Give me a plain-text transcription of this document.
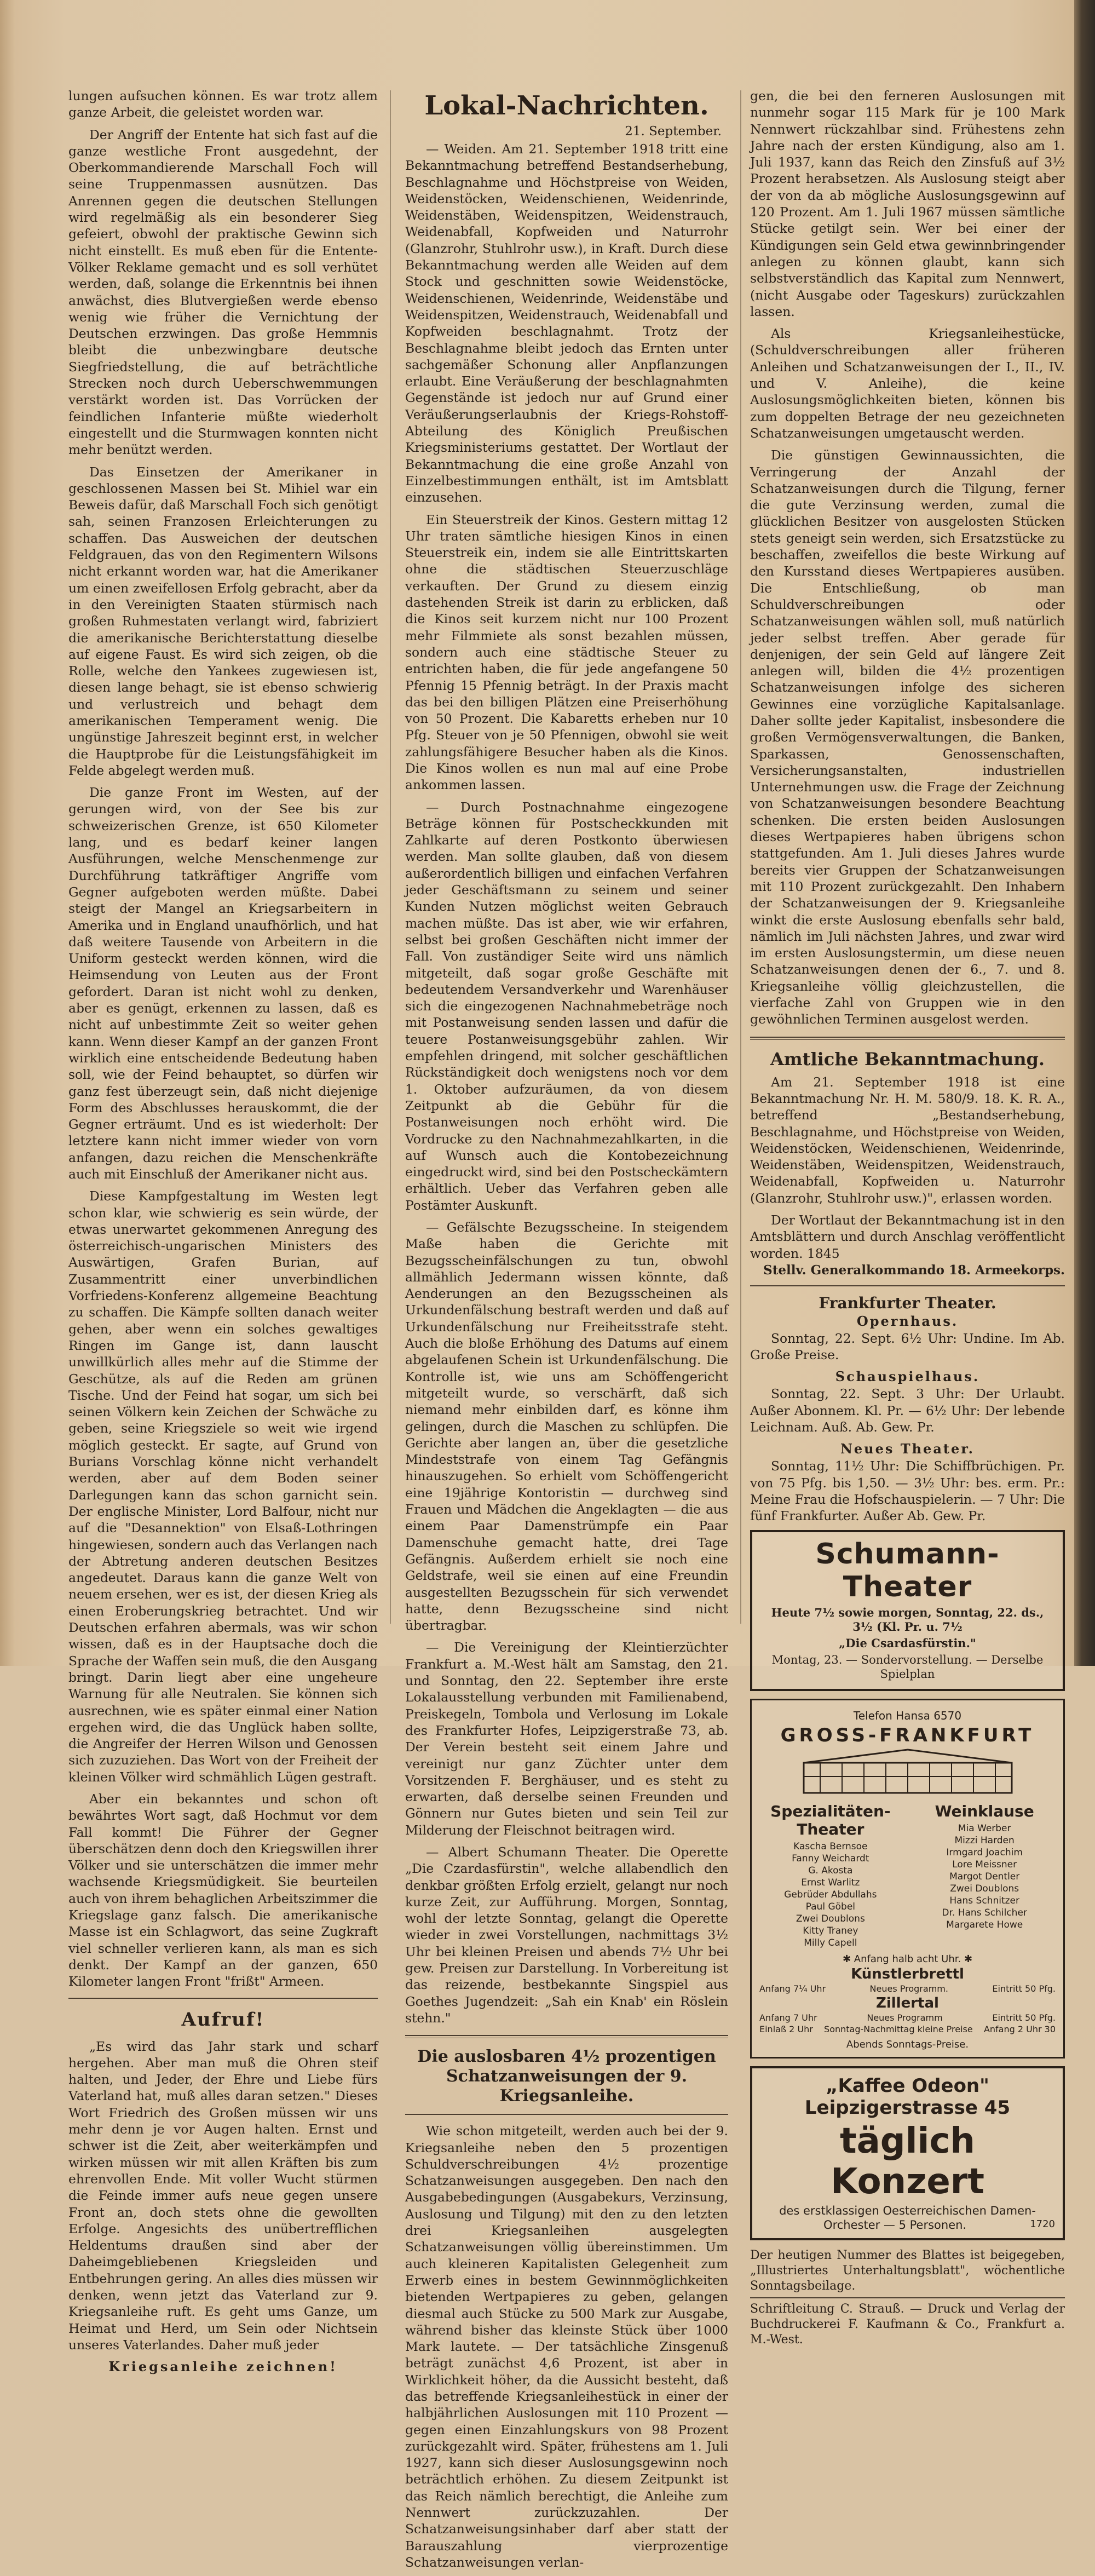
lungen aufsuchen können. Es war trotz allem ganze Arbeit, die geleistet worden war.

Der Angriff der Entente hat sich fast auf die ganze westliche Front ausgedehnt, der Oberkommandierende Marschall Foch will seine Truppenmassen ausnützen. Das Anrennen gegen die deutschen Stellungen wird regelmäßig als ein besonderer Sieg gefeiert, obwohl der praktische Gewinn sich nicht einstellt. Es muß eben für die Entente-Völker Reklame gemacht und es soll verhütet werden, daß, solange die Erkenntnis bei ihnen anwächst, dies Blutvergießen werde ebenso wenig wie früher die Vernichtung der Deutschen erzwingen. Das große Hemmnis bleibt die unbezwingbare deutsche Siegfriedstellung, die auf beträchtliche Strecken noch durch Ueberschwemmungen verstärkt worden ist. Das Vorrücken der feindlichen Infanterie müßte wiederholt eingestellt und die Sturmwagen konnten nicht mehr benützt werden.

Das Einsetzen der Amerikaner in geschlossenen Massen bei St. Mihiel war ein Beweis dafür, daß Marschall Foch sich genötigt sah, seinen Franzosen Erleichterungen zu schaffen. Das Ausweichen der deutschen Feldgrauen, das von den Regimentern Wilsons nicht erkannt worden war, hat die Amerikaner um einen zweifellosen Erfolg gebracht, aber da in den Vereinigten Staaten stürmisch nach großen Ruhmestaten verlangt wird, fabriziert die amerikanische Berichterstattung dieselbe auf eigene Faust. Es wird sich zeigen, ob die Rolle, welche den Yankees zugewiesen ist, diesen lange behagt, sie ist ebenso schwierig und verlustreich und behagt dem amerikanischen Temperament wenig. Die ungünstige Jahreszeit beginnt erst, in welcher die Hauptprobe für die Leistungsfähigkeit im Felde abgelegt werden muß.

Die ganze Front im Westen, auf der gerungen wird, von der See bis zur schweizerischen Grenze, ist 650 Kilometer lang, und es bedarf keiner langen Ausführungen, welche Menschenmenge zur Durchführung tatkräftiger Angriffe vom Gegner aufgeboten werden müßte. Dabei steigt der Mangel an Kriegsarbeitern in Amerika und in England unaufhörlich, und hat daß weitere Tausende von Arbeitern in die Uniform gesteckt werden können, wird die Heimsendung von Leuten aus der Front gefordert. Daran ist nicht wohl zu denken, aber es genügt, erkennen zu lassen, daß es nicht auf unbestimmte Zeit so weiter gehen kann. Wenn dieser Kampf an der ganzen Front wirklich eine entscheidende Bedeutung haben soll, wie der Feind behauptet, so dürfen wir ganz fest überzeugt sein, daß nicht diejenige Form des Abschlusses herauskommt, die der Gegner erträumt. Und es ist wiederholt: Der letztere kann nicht immer wieder von vorn anfangen, dazu reichen die Menschenkräfte auch mit Einschluß der Amerikaner nicht aus.

Diese Kampfgestaltung im Westen legt schon klar, wie schwierig es sein würde, der etwas unerwartet gekommenen Anregung des österreichisch-ungarischen Ministers des Auswärtigen, Grafen Burian, auf Zusammentritt einer unverbindlichen Vorfriedens-Konferenz allgemeine Beachtung zu schaffen. Die Kämpfe sollten danach weiter gehen, aber wenn ein solches gewaltiges Ringen im Gange ist, dann lauscht unwillkürlich alles mehr auf die Stimme der Geschütze, als auf die Reden am grünen Tische. Und der Feind hat sogar, um sich bei seinen Völkern kein Zeichen der Schwäche zu geben, seine Kriegsziele so weit wie irgend möglich gesteckt. Er sagte, auf Grund von Burians Vorschlag könne nicht verhandelt werden, aber auf dem Boden seiner Darlegungen kann das schon garnicht sein. Der englische Minister, Lord Balfour, nicht nur auf die "Desannektion" von Elsaß-Lothringen hingewiesen, sondern auch das Verlangen nach der Abtretung anderen deutschen Besitzes angedeutet. Daraus kann die ganze Welt von neuem ersehen, wer es ist, der diesen Krieg als einen Eroberungskrieg betrachtet. Und wir Deutschen erfahren abermals, was wir schon wissen, daß es in der Hauptsache doch die Sprache der Waffen sein muß, die den Ausgang bringt. Darin liegt aber eine ungeheure Warnung für alle Neutralen. Sie können sich ausrechnen, wie es später einmal einer Nation ergehen wird, die das Unglück haben sollte, die Angreifer der Herren Wilson und Genossen sich zuzuziehen. Das Wort von der Freiheit der kleinen Völker wird schmählich Lügen gestraft.

Aber ein bekanntes und schon oft bewährtes Wort sagt, daß Hochmut vor dem Fall kommt! Die Führer der Gegner überschätzen denn doch den Kriegswillen ihrer Völker und sie unterschätzen die immer mehr wachsende Kriegsmüdigkeit. Sie beurteilen auch von ihrem behaglichen Arbeitszimmer die Kriegslage ganz falsch. Die amerikanische Masse ist ein Schlagwort, das seine Zugkraft viel schneller verlieren kann, als man es sich denkt. Der Kampf an der ganzen, 650 Kilometer langen Front "frißt" Armeen.

Aufruf!

„Es wird das Jahr stark und scharf hergehen. Aber man muß die Ohren steif halten, und Jeder, der Ehre und Liebe fürs Vaterland hat, muß alles daran setzen." Dieses Wort Friedrich des Großen müssen wir uns mehr denn je vor Augen halten. Ernst und schwer ist die Zeit, aber weiterkämpfen und wirken müssen wir mit allen Kräften bis zum ehrenvollen Ende. Mit voller Wucht stürmen die Feinde immer aufs neue gegen unsere Front an, doch stets ohne die gewollten Erfolge. Angesichts des unübertrefflichen Heldentums draußen sind aber der Daheimgebliebenen Kriegsleiden und Entbehrungen gering. An alles dies müssen wir denken, wenn jetzt das Vaterland zur 9. Kriegsanleihe ruft. Es geht ums Ganze, um Heimat und Herd, um Sein oder Nichtsein unseres Vaterlandes. Daher muß jeder

Kriegsanleihe zeichnen!
Lokal-Nachrichten.
21. September.

— Weiden. Am 21. September 1918 tritt eine Bekanntmachung betreffend Bestandserhebung, Beschlagnahme und Höchstpreise von Weiden, Weidenstöcken, Weidenschienen, Weidenrinde, Weidenstäben, Weidenspitzen, Weidenstrauch, Weidenabfall, Kopfweiden und Naturrohr (Glanzrohr, Stuhlrohr usw.), in Kraft. Durch diese Bekanntmachung werden alle Weiden auf dem Stock und geschnitten sowie Weidenstöcke, Weidenschienen, Weidenrinde, Weidenstäbe und Weidenspitzen, Weidenstrauch, Weidenabfall und Kopfweiden beschlagnahmt. Trotz der Beschlagnahme bleibt jedoch das Ernten unter sachgemäßer Schonung aller Anpflanzungen erlaubt. Eine Veräußerung der beschlagnahmten Gegenstände ist jedoch nur auf Grund einer Veräußerungserlaubnis der Kriegs-Rohstoff-Abteilung des Königlich Preußischen Kriegsministeriums gestattet. Der Wortlaut der Bekanntmachung die eine große Anzahl von Einzelbestimmungen enthält, ist im Amtsblatt einzusehen.

Ein Steuerstreik der Kinos. Gestern mittag 12 Uhr traten sämtliche hiesigen Kinos in einen Steuerstreik ein, indem sie alle Eintrittskarten ohne die städtischen Steuerzuschläge verkauften. Der Grund zu diesem einzig dastehenden Streik ist darin zu erblicken, daß die Kinos seit kurzem nicht nur 100 Prozent mehr Filmmiete als sonst bezahlen müssen, sondern auch eine städtische Steuer zu entrichten haben, die für jede angefangene 50 Pfennig 15 Pfennig beträgt. In der Praxis macht das bei den billigen Plätzen eine Preiserhöhung von 50 Prozent. Die Kabaretts erheben nur 10 Pfg. Steuer von je 50 Pfennigen, obwohl sie weit zahlungsfähigere Besucher haben als die Kinos. Die Kinos wollen es nun mal auf eine Probe ankommen lassen.

— Durch Postnachnahme eingezogene Beträge können für Postscheckkunden mit Zahlkarte auf deren Postkonto überwiesen werden. Man sollte glauben, daß von diesem außerordentlich billigen und einfachen Verfahren jeder Geschäftsmann zu seinem und seiner Kunden Nutzen möglichst weiten Gebrauch machen müßte. Das ist aber, wie wir erfahren, selbst bei großen Geschäften nicht immer der Fall. Von zuständiger Seite wird uns nämlich mitgeteilt, daß sogar große Geschäfte mit bedeutendem Versandverkehr und Warenhäuser sich die eingezogenen Nachnahmebeträge noch mit Postanweisung senden lassen und dafür die teuere Postanweisungsgebühr zahlen. Wir empfehlen dringend, mit solcher geschäftlichen Rückständigkeit doch wenigstens noch vor dem 1. Oktober aufzuräumen, da von diesem Zeitpunkt ab die Gebühr für die Postanweisungen noch erhöht wird. Die Vordrucke zu den Nachnahmezahlkarten, in die auf Wunsch auch die Kontobezeichnung eingedruckt wird, sind bei den Postscheckämtern erhältlich. Ueber das Verfahren geben alle Postämter Auskunft.

— Gefälschte Bezugsscheine. In steigendem Maße haben die Gerichte mit Bezugsscheinfälschungen zu tun, obwohl allmählich Jedermann wissen könnte, daß Aenderungen an den Bezugsscheinen als Urkundenfälschung bestraft werden und daß auf Urkundenfälschung nur Freiheitsstrafe steht. Auch die bloße Erhöhung des Datums auf einem abgelaufenen Schein ist Urkundenfälschung. Die Kontrolle ist, wie uns am Schöffengericht mitgeteilt wurde, so verschärft, daß sich niemand mehr einbilden darf, es könne ihm gelingen, durch die Maschen zu schlüpfen. Die Gerichte aber langen an, über die gesetzliche Mindeststrafe von einem Tag Gefängnis hinauszugehen. So erhielt vom Schöffengericht eine 19jährige Kontoristin — durchweg sind Frauen und Mädchen die Angeklagten — die aus einem Paar Damenstrümpfe ein Paar Damenschuhe gemacht hatte, drei Tage Gefängnis. Außerdem erhielt sie noch eine Geldstrafe, weil sie einen auf eine Freundin ausgestellten Bezugsschein für sich verwendet hatte, denn Bezugsscheine sind nicht übertragbar.

— Die Vereinigung der Kleintierzüchter Frankfurt a. M.-West hält am Samstag, den 21. und Sonntag, den 22. September ihre erste Lokalausstellung verbunden mit Familienabend, Preiskegeln, Tombola und Verlosung im Lokale des Frankfurter Hofes, Leipzigerstraße 73, ab. Der Verein besteht seit einem Jahre und vereinigt nur ganz Züchter unter dem Vorsitzenden F. Berghäuser, und es steht zu erwarten, daß derselbe seinen Freunden und Gönnern nur Gutes bieten und sein Teil zur Milderung der Fleischnot beitragen wird.

— Albert Schumann Theater. Die Operette „Die Czardasfürstin", welche allabendlich den denkbar größten Erfolg erzielt, gelangt nur noch kurze Zeit, zur Aufführung. Morgen, Sonntag, wohl der letzte Sonntag, gelangt die Operette wieder in zwei Vorstellungen, nachmittags 3½ Uhr bei kleinen Preisen und abends 7½ Uhr bei gew. Preisen zur Darstellung. In Vorbereitung ist das reizende, bestbekannte Singspiel aus Goethes Jugendzeit: „Sah ein Knab' ein Röslein stehn."

Die auslosbaren 4½ prozentigen Schatzanweisungen der 9. Kriegsanleihe.

Wie schon mitgeteilt, werden auch bei der 9. Kriegsanleihe neben den 5 prozentigen Schuldverschreibungen 4½ prozentige Schatzanweisungen ausgegeben. Den nach den Ausgabebedingungen (Ausgabekurs, Verzinsung, Auslosung und Tilgung) mit den zu den letzten drei Kriegsanleihen ausgelegten Schatzanweisungen völlig übereinstimmen. Um auch kleineren Kapitalisten Gelegenheit zum Erwerb eines in bestem Gewinnmöglichkeiten bietenden Wertpapieres zu geben, gelangen diesmal auch Stücke zu 500 Mark zur Ausgabe, während bisher das kleinste Stück über 1000 Mark lautete. — Der tatsächliche Zinsgenuß beträgt zunächst 4,6 Prozent, ist aber in Wirklichkeit höher, da die Aussicht besteht, daß das betreffende Kriegsanleihestück in einer der halbjährlichen Auslosungen mit 110 Prozent — gegen einen Einzahlungskurs von 98 Prozent zurückgezahlt wird. Später, frühestens am 1. Juli 1927, kann sich dieser Auslosungsgewinn noch beträchtlich erhöhen. Zu diesem Zeitpunkt ist das Reich nämlich berechtigt, die Anleihe zum Nennwert zurückzuzahlen. Der Schatzanweisungsinhaber darf aber statt der Barauszahlung vierprozentige Schatzanweisungen verlan-

gen, die bei den ferneren Auslosungen mit nunmehr sogar 115 Mark für je 100 Mark Nennwert rückzahlbar sind. Frühestens zehn Jahre nach der ersten Kündigung, also am 1. Juli 1937, kann das Reich den Zinsfuß auf 3½ Prozent herabsetzen. Als Auslosung steigt aber der von da ab mögliche Auslosungsgewinn auf 120 Prozent. Am 1. Juli 1967 müssen sämtliche Stücke getilgt sein. Wer bei einer der Kündigungen sein Geld etwa gewinnbringender anlegen zu können glaubt, kann sich selbstverständlich das Kapital zum Nennwert, (nicht Ausgabe oder Tageskurs) zurückzahlen lassen.

Als Kriegsanleihestücke, (Schuldverschreibungen aller früheren Anleihen und Schatzanweisungen der I., II., IV. und V. Anleihe), die keine Auslosungsmöglichkeiten bieten, können bis zum doppelten Betrage der neu gezeichneten Schatzanweisungen umgetauscht werden.

Die günstigen Gewinnaussichten, die Verringerung der Anzahl der Schatzanweisungen durch die Tilgung, ferner die gute Verzinsung werden, zumal die glücklichen Besitzer von ausgelosten Stücken stets geneigt sein werden, sich Ersatzstücke zu beschaffen, zweifellos die beste Wirkung auf den Kursstand dieses Wertpapieres ausüben. Die Entschließung, ob man Schuldverschreibungen oder Schatzanweisungen wählen soll, muß natürlich jeder selbst treffen. Aber gerade für denjenigen, der sein Geld auf längere Zeit anlegen will, bilden die 4½ prozentigen Schatzanweisungen infolge des sicheren Gewinnes eine vorzügliche Kapitalsanlage. Daher sollte jeder Kapitalist, insbesondere die großen Vermögensverwaltungen, die Banken, Sparkassen, Genossenschaften, Versicherungsanstalten, industriellen Unternehmungen usw. die Frage der Zeichnung von Schatzanweisungen besondere Beachtung schenken. Die ersten beiden Auslosungen dieses Wertpapieres haben übrigens schon stattgefunden. Am 1. Juli dieses Jahres wurde bereits vier Gruppen der Schatzanweisungen mit 110 Prozent zurückgezahlt. Den Inhabern der Schatzanweisungen der 9. Kriegsanleihe winkt die erste Auslosung ebenfalls sehr bald, nämlich im Juli nächsten Jahres, und zwar wird im ersten Auslosungstermin, um diese neuen Schatzanweisungen denen der 6., 7. und 8. Kriegsanleihe völlig gleichzustellen, die vierfache Zahl von Gruppen wie in den gewöhnlichen Terminen ausgelost werden.

Amtliche Bekanntmachung.

Am 21. September 1918 ist eine Bekanntmachung Nr. H. M. 580/9. 18. K. R. A., betreffend „Bestandserhebung, Beschlagnahme, und Höchstpreise von Weiden, Weidenstöcken, Weidenschienen, Weidenrinde, Weidenstäben, Weidenspitzen, Weidenstrauch, Weidenabfall, Kopfweiden u. Naturrohr (Glanzrohr, Stuhlrohr usw.)", erlassen worden.

Der Wortlaut der Bekanntmachung ist in den Amtsblättern und durch Anschlag veröffentlicht worden. 1845

Stellv. Generalkommando 18. Armeekorps.
Frankfurter Theater.
Opernhaus.

Sonntag, 22. Sept. 6½ Uhr: Undine. Im Ab. Große Preise.

Schauspielhaus.

Sonntag, 22. Sept. 3 Uhr: Der Urlaubt. Außer Abonnem. Kl. Pr. — 6½ Uhr: Der lebende Leichnam. Auß. Ab. Gew. Pr.

Neues Theater.

Sonntag, 11½ Uhr: Die Schiffbrüchigen. Pr. von 75 Pfg. bis 1,50. — 3½ Uhr: bes. erm. Pr.: Meine Frau die Hofschauspielerin. — 7 Uhr: Die fünf Frankfurter. Außer Ab. Gew. Pr.

Schumann-Theater
Heute 7½ sowie morgen, Sonntag, 22. ds., 3½ (Kl. Pr. u. 7½
„Die Csardasfürstin."
Montag, 23. — Sondervorstellung. — Derselbe Spielplan
Telefon Hansa 6570
GROSS-FRANKFURT
Spezialitäten-Theater
Kascha Bernsoe
Fanny Weichardt
G. Akosta
Ernst Warlitz
Gebrüder Abdullahs
Paul Göbel
Zwei Doublons
Kitty Traney
Milly Capell
Weinklause
Mia Werber
Mizzi Harden
Irmgard Joachim
Lore Meissner
Margot Dentler
Zwei Doublons
Hans Schnitzer
Dr. Hans Schilcher
Margarete Howe
✱ Anfang halb acht Uhr. ✱
Künstlerbrettl
Anfang 7¼ Uhr	Neues Programm.	Eintritt 50 Pfg.
Zillertal
Anfang 7 Uhr	Neues Programm	Eintritt 50 Pfg.
Einlaß 2 Uhr Sonntag-Nachmittag kleine Preise Anfang 2 Uhr 30
Abends Sonntags-Preise.
„Kaffee Odeon" Leipzigerstrasse 45
täglich Konzert
des erstklassigen Oesterreichischen Damen-
Orchester — 5 Personen.	1720
Der heutigen Nummer des Blattes ist beigegeben, „Illustriertes Unterhaltungsblatt", wöchentliche Sonntagsbeilage.
Schriftleitung C. Strauß. — Druck und Verlag der Buchdruckerei F. Kaufmann & Co., Frankfurt a. M.-West.
